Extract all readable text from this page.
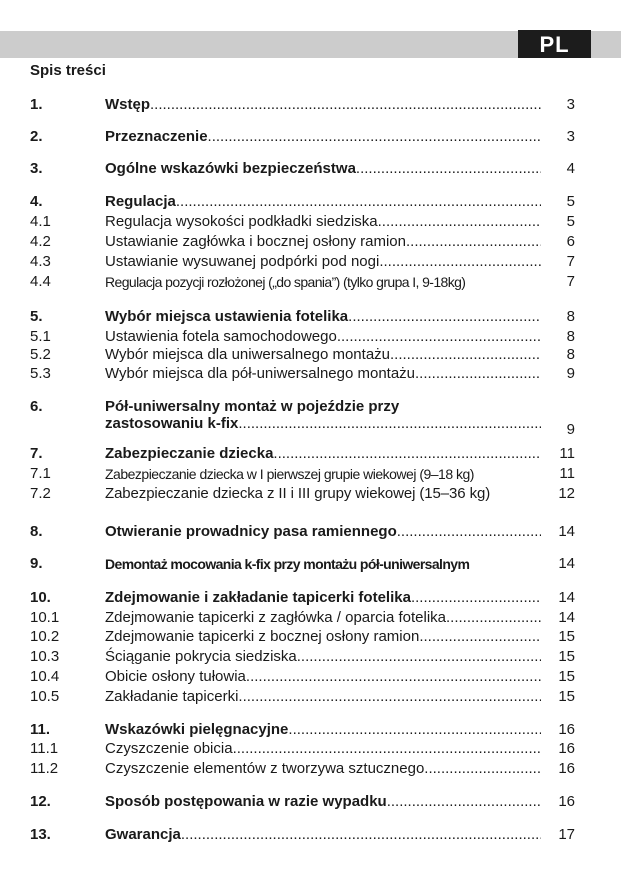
PL
Spis treści
1.	Wstęp .....	3
2.	Przeznaczenie .....	3
3.	Ogólne wskazówki bezpieczeństwa .....	4
4.	Regulacja .....	5
4.1	Regulacja wysokości podkładki siedziska .....	5
4.2	Ustawianie zagłówka i bocznej osłony ramion .....	6
4.3	Ustawianie wysuwanej podpórki pod nogi .....	7
4.4	Regulacja pozycji rozłożonej („do spania”) (tylko grupa I, 9-18kg)	7
5.	Wybór miejsca ustawienia fotelika .....	8
5.1	Ustawienia fotela samochodowego .....	8
5.2	Wybór miejsca dla uniwersalnego montażu .....	8
5.3	Wybór miejsca dla pół-uniwersalnego montażu .....	9
6.	Pół-uniwersalny montaż w pojeździe przy
zastosowaniu k-fix .....	9
7.	Zabezpieczanie dziecka .....	11
7.1	Zabezpieczanie dziecka w I pierwszej grupie wiekowej (9–18 kg)	11
7.2	Zabezpieczanie dziecka z II i III grupy wiekowej (15–36 kg)	12
8.	Otwieranie prowadnicy pasa ramiennego .....	14
9.	Demontaż mocowania k-fix przy montażu pół-uniwersalnym	14
10.	Zdejmowanie i zakładanie tapicerki fotelika .....	14
10.1	Zdejmowanie tapicerki z zagłówka / oparcia fotelika .....	14
10.2	Zdejmowanie tapicerki z bocznej osłony ramion .....	15
10.3	Ściąganie pokrycia siedziska .....	15
10.4	Obicie osłony tułowia .....	15
10.5	Zakładanie tapicerki .....	15
11.	Wskazówki pielęgnacyjne .....	16
11.1	Czyszczenie obicia .....	16
11.2	Czyszczenie elementów z tworzywa sztucznego .....	16
12.	Sposób postępowania w razie wypadku .....	16
13.	Gwarancja .....	17
